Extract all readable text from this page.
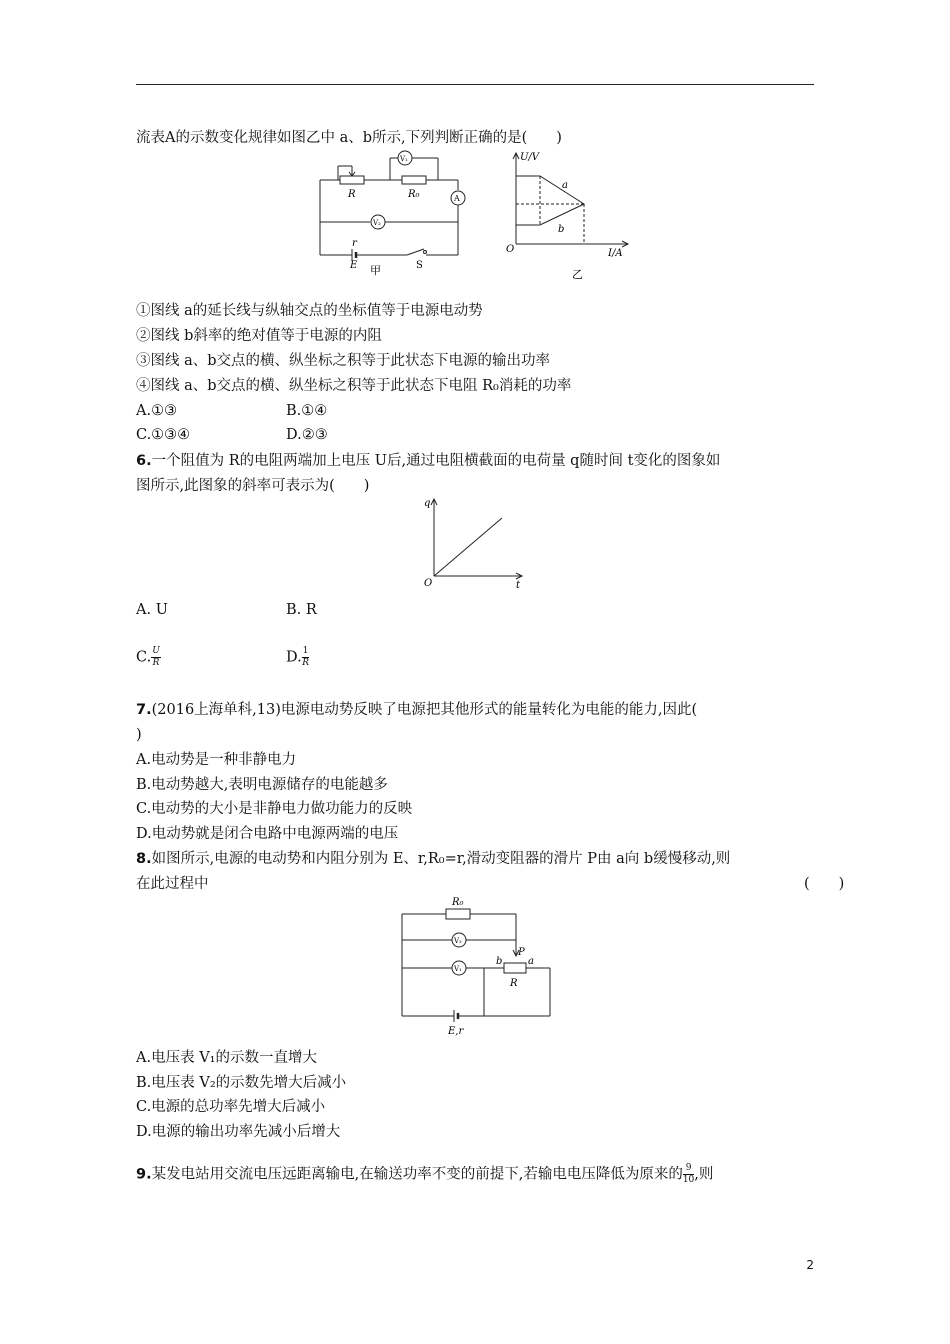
流表A的示数变化规律如图乙中 a、b所示,下列判断正确的是(　　)
R	R₀
V₁
A
V₂
r
E	S
甲
U/V
I/A
O
a
b
乙
①图线 a的延长线与纵轴交点的坐标值等于电源电动势
②图线 b斜率的绝对值等于电源的内阻
③图线 a、b交点的横、纵坐标之积等于此状态下电源的输出功率
④图线 a、b交点的横、纵坐标之积等于此状态下电阻 R₀消耗的功率
A.①③	B.①④
C.①③④	D.②③
6.一个阻值为 R的电阻两端加上电压 U后,通过电阻横截面的电荷量 q随时间 t变化的图象如
图所示,此图象的斜率可表示为(　　)
q
t
O
A. U	B. R
C. $\frac{U}{R}$	D. $\frac{1}{R}$
7.(2016上海单科,13)电源电动势反映了电源把其他形式的能量转化为电能的能力,因此(
)
A.电动势是一种非静电力
B.电动势越大,表明电源储存的电能越多
C.电动势的大小是非静电力做功能力的反映
D.电动势就是闭合电路中电源两端的电压
8.如图所示,电源的电动势和内阻分别为 E、r,R₀=r,滑动变阻器的滑片 P由 a向 b缓慢移动,则
在此过程中	(　　)
R₀
V₂
V₁
P
b	a
R
E,r
A.电压表 V₁的示数一直增大
B.电压表 V₂的示数先增大后减小
C.电源的总功率先增大后减小
D.电源的输出功率先减小后增大
9.某发电站用交流电压远距离输电,在输送功率不变的前提下,若输电电压降低为原来的 $\frac{9}{10}$ ,则
2
